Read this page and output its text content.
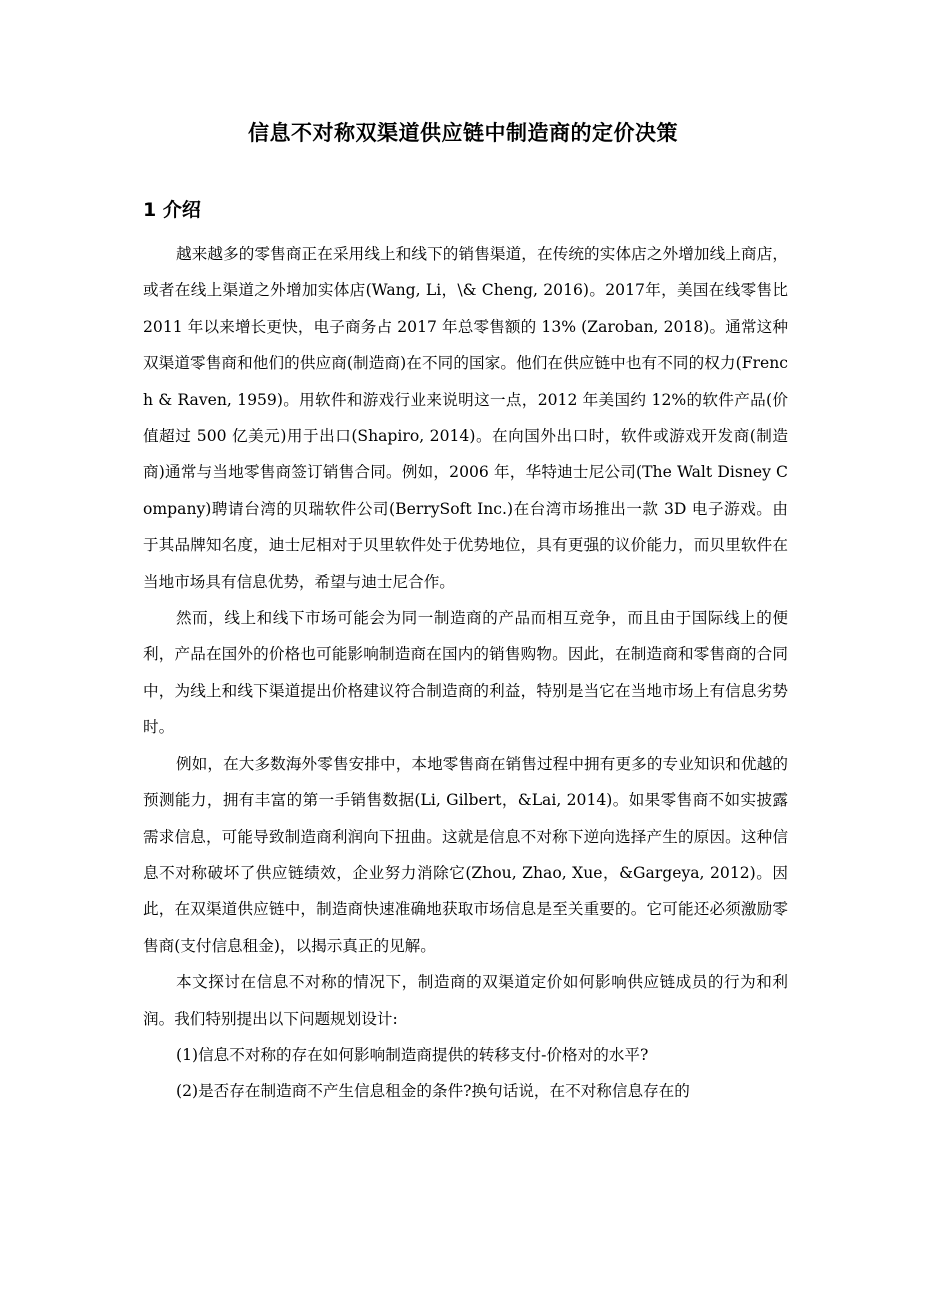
信息不对称双渠道供应链中制造商的定价决策
1 介绍

越来越多的零售商正在采用线上和线下的销售渠道，在传统的实体店之外增加线上商店，或者在线上渠道之外增加实体店(Wang, Li，\& Cheng, 2016)。2017年，美国在线零售比 2011 年以来增长更快，电子商务占 2017 年总零售额的 13% (Zaroban, 2018)。通常这种双渠道零售商和他们的供应商(制造商)在不同的国家。他们在供应链中也有不同的权力(French & Raven, 1959)。用软件和游戏行业来说明这一点，2012 年美国约 12%的软件产品(价值超过 500 亿美元)用于出口(Shapiro, 2014)。在向国外出口时，软件或游戏开发商(制造商)通常与当地零售商签订销售合同。例如，2006 年，华特迪士尼公司(The Walt Disney Company)聘请台湾的贝瑞软件公司(BerrySoft Inc.)在台湾市场推出一款 3D 电子游戏。由于其品牌知名度，迪士尼相对于贝里软件处于优势地位，具有更强的议价能力，而贝里软件在当地市场具有信息优势，希望与迪士尼合作。

然而，线上和线下市场可能会为同一制造商的产品而相互竞争，而且由于国际线上的便利，产品在国外的价格也可能影响制造商在国内的销售购物。因此，在制造商和零售商的合同中，为线上和线下渠道提出价格建议符合制造商的利益，特别是当它在当地市场上有信息劣势时。

例如，在大多数海外零售安排中，本地零售商在销售过程中拥有更多的专业知识和优越的预测能力，拥有丰富的第一手销售数据(Li, Gilbert，&Lai, 2014)。如果零售商不如实披露需求信息，可能导致制造商利润向下扭曲。这就是信息不对称下逆向选择产生的原因。这种信息不对称破坏了供应链绩效，企业努力消除它(Zhou, Zhao, Xue，&Gargeya, 2012)。因此，在双渠道供应链中，制造商快速准确地获取市场信息是至关重要的。它可能还必须激励零售商(支付信息租金)，以揭示真正的见解。

本文探讨在信息不对称的情况下，制造商的双渠道定价如何影响供应链成员的行为和利润。我们特别提出以下问题规划设计:

(1)信息不对称的存在如何影响制造商提供的转移支付-价格对的水平?

(2)是否存在制造商不产生信息租金的条件?换句话说，在不对称信息存在的
